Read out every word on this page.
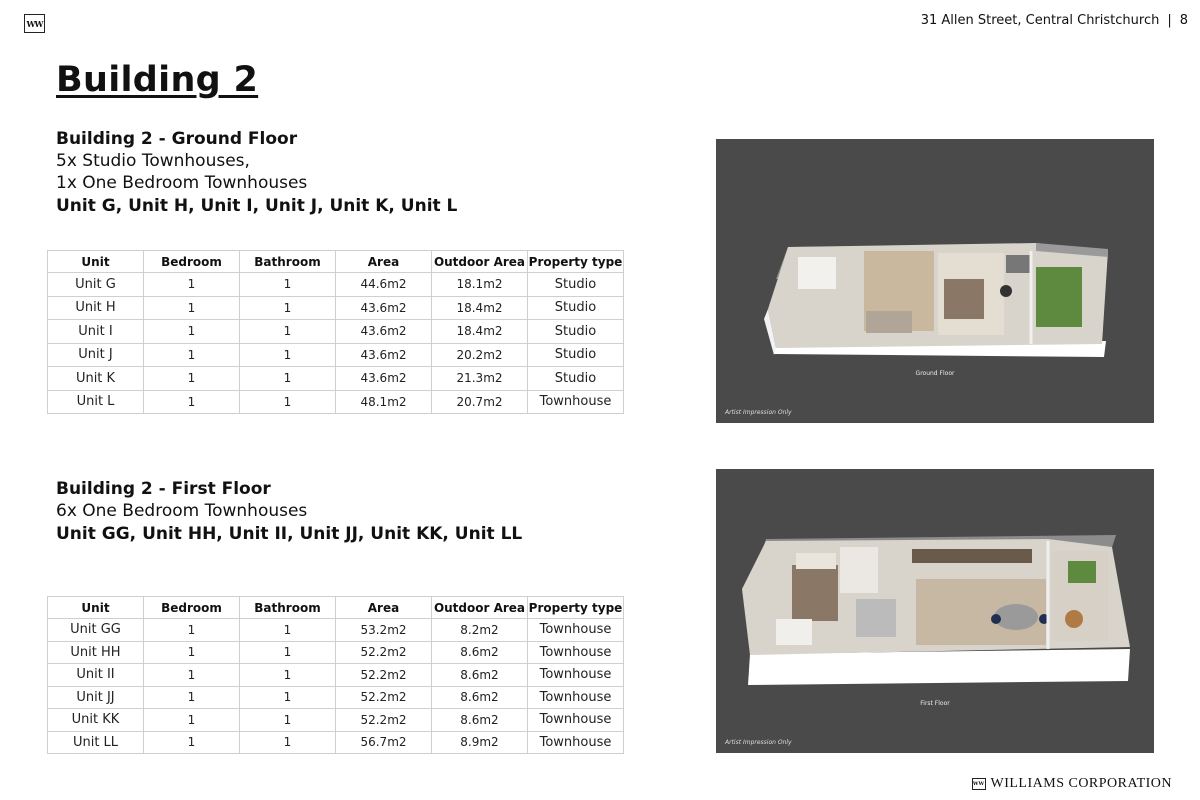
WW	31 Allen Street, Central Christchurch | 8
Building 2
Building 2 - Ground Floor
5x Studio Townhouses,
1x One Bedroom Townhouses
Unit G, Unit H, Unit I, Unit J, Unit K, Unit L
Unit	Bedroom	Bathroom	Area	Outdoor Area	Property type
Unit G	1	1	44.6m2	18.1m2	Studio
Unit H	1	1	43.6m2	18.4m2	Studio
Unit I	1	1	43.6m2	18.4m2	Studio
Unit J	1	1	43.6m2	20.2m2	Studio
Unit K	1	1	43.6m2	21.3m2	Studio
Unit L	1	1	48.1m2	20.7m2	Townhouse
Ground Floor
Artist Impression Only
Building 2 - First Floor
6x One Bedroom Townhouses
Unit GG, Unit HH, Unit II, Unit JJ, Unit KK, Unit LL
Unit	Bedroom	Bathroom	Area	Outdoor Area	Property type
Unit GG	1	1	53.2m2	8.2m2	Townhouse
Unit HH	1	1	52.2m2	8.6m2	Townhouse
Unit II	1	1	52.2m2	8.6m2	Townhouse
Unit JJ	1	1	52.2m2	8.6m2	Townhouse
Unit KK	1	1	52.2m2	8.6m2	Townhouse
Unit LL	1	1	56.7m2	8.9m2	Townhouse
First Floor
Artist Impression Only
WW WILLIAMS CORPORATION
